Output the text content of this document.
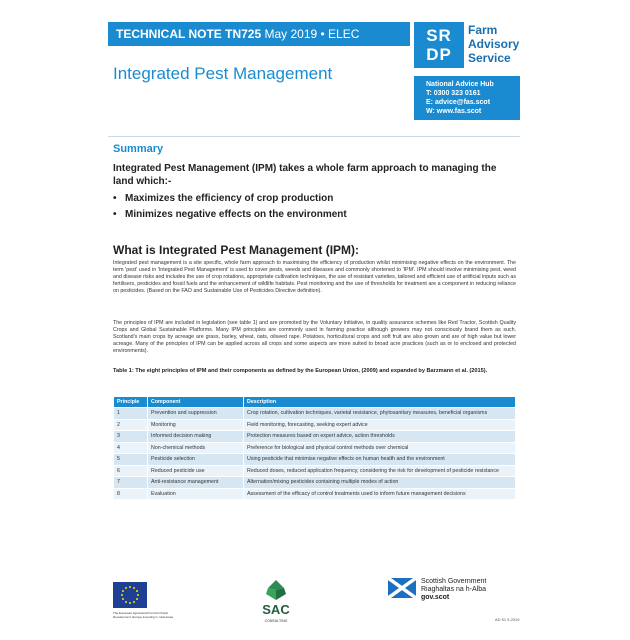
TECHNICAL NOTE TN725 May 2019 • ELEC	SR
DP
Farm
Advisory
Service
Integrated Pest Management
National Advice Hub
T: 0300 323 0161
E: advice@fas.scot
W: www.fas.scot
Summary
Integrated Pest Management (IPM) takes a whole farm approach to managing the land which:-
• Maximizes the efficiency of crop production
• Minimizes negative effects on the environment
What is Integrated Pest Management (IPM):
Integrated pest management is a site specific, whole farm approach to maximising the efficiency of production whilst minimising negative effects on the environment. The term 'pest' used in 'Integrated Pest Management' is used to cover pests, weeds and diseases and commonly shortened to 'IPM'. IPM should involve minimising pest, weed and disease risks and includes the use of crop rotations, appropriate cultivation techniques, the use of resistant varieties, tailored and efficient use of artificial inputs such as fertilisers, pesticides and fossil fuels and the enhancement of wildlife habitats. Pest monitoring and the use of thresholds for treatment are a component in reducing reliance on pesticides. (Based on the FAO and Sustainable Use of Pesticides Directive definition).
The principles of IPM are included in legislation (see table 1) and are promoted by the Voluntary Initiative, in quality assurance schemes like Red Tractor, Scottish Quality Crops and Global Sustainable Platforms. Many IPM principles are commonly used in farming practice although growers may not consciously brand them as such. Scotland's main crops by acreage are grass, barley, wheat, oats, oilseed rape. Potatoes, horticultural crops and soft fruit are also grown and are of high value but lower acreage. Many of the principles of IPM can be applied across all crops and some aspects are more suited to broad acre practices (such as or to enclosed and protected environments).
Table 1: The eight principles of IPM and their components as defined by the European Union, (2009) and expanded by Barzmann et al. (2015).
Principle	Component	Description
1	Prevention and suppression	Crop rotation, cultivation techniques, varietal resistance, phytosanitary measures, beneficial organisms
2	Monitoring	Field monitoring, forecasting, seeking expert advice
3	Informed decision making	Protection measures based on expert advice, action thresholds
4	Non-chemical methods	Preference for biological and physical control methods over chemical
5	Pesticide selection	Using pesticide that minimise negative effects on human health and the environment
6	Reduced pesticide use	Reduced doses, reduced application frequency, considering the risk for development of pesticide resistance
7	Anti-resistance management	Alternation/mixing pesticides containing multiple modes of action
8	Evaluation	Assessment of the efficacy of control treatments used to inform future management decisions
The European Agricultural Fund for Rural Development: Europe investing in rural areas	SAC
CONSULTING
Scottish Government
Riaghaltas na h-Alba
gov.scot
AD 51 5.2019
